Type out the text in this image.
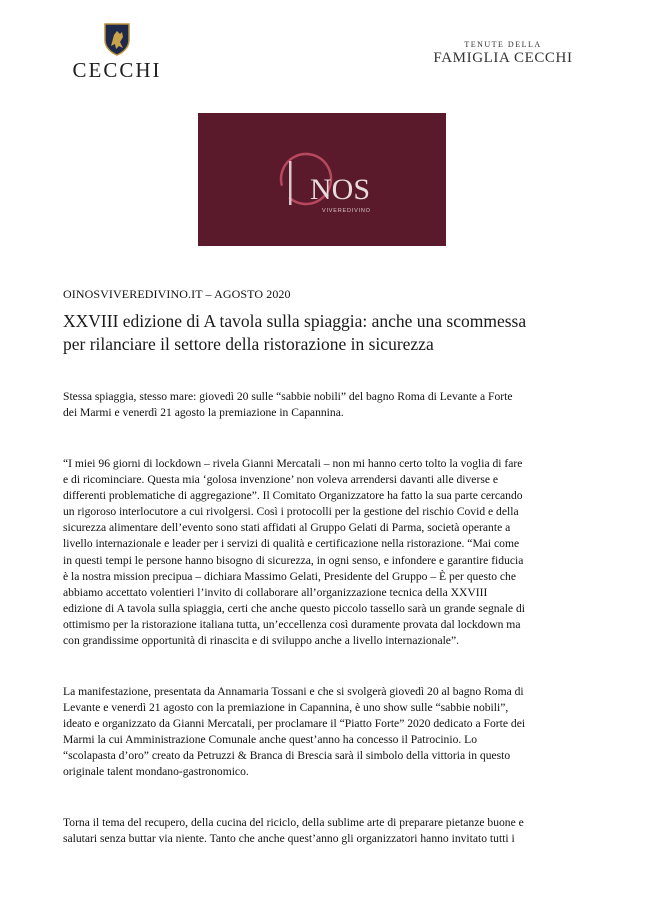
CECCHI
TENUTE DELLA
FAMIGLIA CECCHI
NOS
VIVEREDIVINO
OINOSVIVEREDIVINO.IT – AGOSTO 2020
XXVIII edizione di A tavola sulla spiaggia: anche una scommessa
per rilanciare il settore della ristorazione in sicurezza
Stessa spiaggia, stesso mare: giovedì 20 sulle “sabbie nobili” del bagno Roma di Levante a Forte
dei Marmi e venerdì 21 agosto la premiazione in Capannina.
“I miei 96 giorni di lockdown – rivela Gianni Mercatali – non mi hanno certo tolto la voglia di fare
e di ricominciare. Questa mia ‘golosa invenzione’ non voleva arrendersi davanti alle diverse e
differenti problematiche di aggregazione”. Il Comitato Organizzatore ha fatto la sua parte cercando
un rigoroso interlocutore a cui rivolgersi. Così i protocolli per la gestione del rischio Covid e della
sicurezza alimentare dell’evento sono stati affidati al Gruppo Gelati di Parma, società operante a
livello internazionale e leader per i servizi di qualità e certificazione nella ristorazione. “Mai come
in questi tempi le persone hanno bisogno di sicurezza, in ogni senso, e infondere e garantire fiducia
è la nostra mission precipua – dichiara Massimo Gelati, Presidente del Gruppo – È per questo che
abbiamo accettato volentieri l’invito di collaborare all’organizzazione tecnica della XXVIII
edizione di A tavola sulla spiaggia, certi che anche questo piccolo tassello sarà un grande segnale di
ottimismo per la ristorazione italiana tutta, un’eccellenza così duramente provata dal lockdown ma
con grandissime opportunità di rinascita e di sviluppo anche a livello internazionale”.
La manifestazione, presentata da Annamaria Tossani e che si svolgerà giovedì 20 al bagno Roma di
Levante e venerdì 21 agosto con la premiazione in Capannina, è uno show sulle “sabbie nobili”,
ideato e organizzato da Gianni Mercatali, per proclamare il “Piatto Forte” 2020 dedicato a Forte dei
Marmi la cui Amministrazione Comunale anche quest’anno ha concesso il Patrocinio. Lo
“scolapasta d’oro” creato da Petruzzi & Branca di Brescia sarà il simbolo della vittoria in questo
originale talent mondano-gastronomico.
Torna il tema del recupero, della cucina del riciclo, della sublime arte di preparare pietanze buone e
salutari senza buttar via niente. Tanto che anche quest’anno gli organizzatori hanno invitato tutti i
